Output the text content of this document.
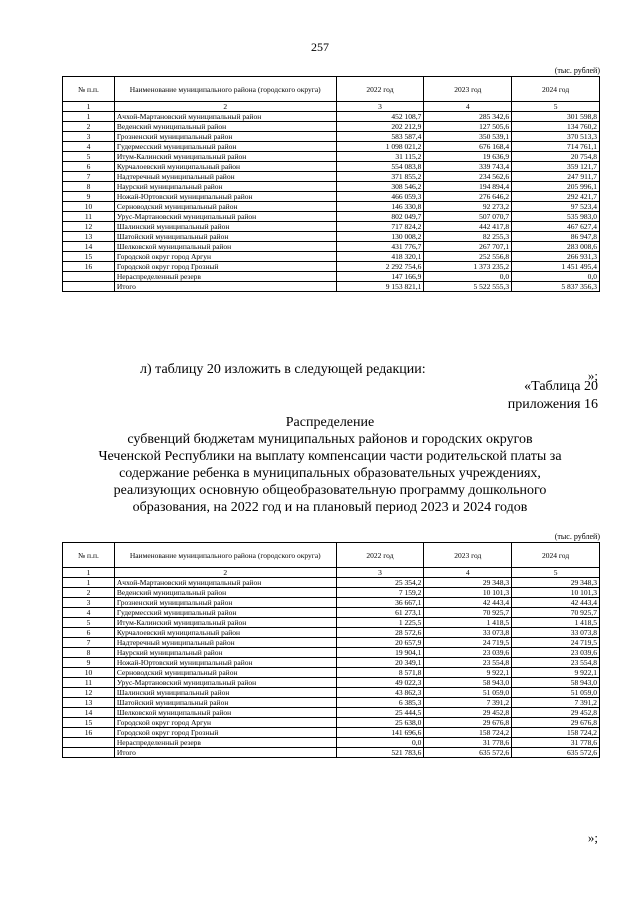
257
(тыс. рублей)
№ п.п.	Наименование муниципального района (городского округа)	2022 год	2023 год	2024 год
1	2	3	4	5
1	Ачхой-Мартановский муниципальный район	452 108,7	285 342,6	301 598,8
2	Веденский муниципальный район	202 212,9	127 505,6	134 760,2
3	Грозненский муниципальный район	583 587,4	350 539,1	370 513,3
4	Гудермесский муниципальный район	1 098 021,2	676 168,4	714 761,1
5	Итум-Калинский муниципальный район	31 115,2	19 636,9	20 754,8
6	Курчалоевский муниципальный район	554 083,8	339 743,4	359 121,7
7	Надтеречный муниципальный район	371 855,2	234 562,6	247 911,7
8	Наурский муниципальный район	308 546,2	194 894,4	205 996,1
9	Ножай-Юртовский муниципальный район	466 059,3	276 646,2	292 421,7
10	Серноводский муниципальный район	146 330,8	92 273,2	97 523,4
11	Урус-Мартановский муниципальный район	802 049,7	507 070,7	535 983,0
12	Шалинский муниципальный район	717 824,2	442 417,8	467 627,4
13	Шатойский муниципальный район	130 008,2	82 255,3	86 947,8
14	Шелковской муниципальный район	431 776,7	267 707,1	283 008,6
15	Городской округ город Аргун	418 320,1	252 556,8	266 931,3
16	Городской округ город Грозный	2 292 754,6	1 373 235,2	1 451 495,4
	Нераспределенный резерв	147 166,9	0,0	0,0
	Итого	9 153 821,1	5 522 555,3	5 837 356,3
»;
л) таблицу 20 изложить в следующей редакции:
«Таблица 20
приложения 16
Распределение
субвенций бюджетам муниципальных районов и городских округов
Чеченской Республики на выплату компенсации части родительской платы за
содержание ребенка в муниципальных образовательных учреждениях,
реализующих основную общеобразовательную программу дошкольного
образования, на 2022 год и на плановый период 2023 и 2024 годов
(тыс. рублей)
№ п.п.	Наименование муниципального района (городского округа)	2022 год	2023 год	2024 год
1	2	3	4	5
1	Ачхой-Мартановский муниципальный район	25 354,2	29 348,3	29 348,3
2	Веденский муниципальный район	7 159,2	10 101,3	10 101,3
3	Грозненский муниципальный район	36 667,1	42 443,4	42 443,4
4	Гудермесский муниципальный район	61 273,1	70 925,7	70 925,7
5	Итум-Калинский муниципальный район	1 225,5	1 418,5	1 418,5
6	Курчалоевский муниципальный район	28 572,6	33 073,8	33 073,8
7	Надтеречный муниципальный район	20 657,9	24 719,5	24 719,5
8	Наурский муниципальный район	19 904,1	23 039,6	23 039,6
9	Ножай-Юртовский муниципальный район	20 349,1	23 554,8	23 554,8
10	Серноводский муниципальный район	8 571,8	9 922,1	9 922,1
11	Урус-Мартановский муниципальный район	49 022,3	58 943,0	58 943,0
12	Шалинский муниципальный район	43 862,3	51 059,0	51 059,0
13	Шатойский муниципальный район	6 385,3	7 391,2	7 391,2
14	Шелковской муниципальный район	25 444,5	29 452,8	29 452,8
15	Городской округ город Аргун	25 638,0	29 676,8	29 676,8
16	Городской округ город Грозный	141 696,6	158 724,2	158 724,2
	Нераспределенный резерв	0,0	31 778,6	31 778,6
	Итого	521 783,6	635 572,6	635 572,6
»;
